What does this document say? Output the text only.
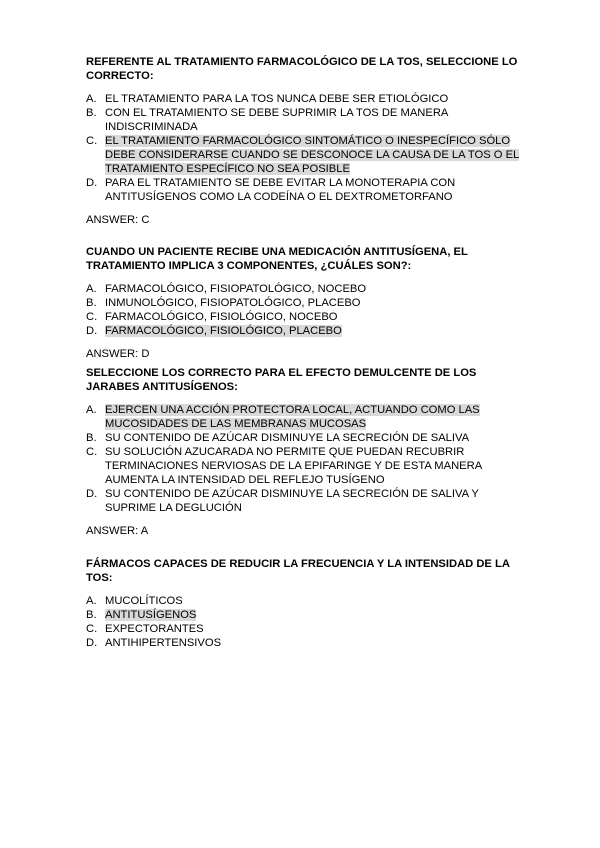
REFERENTE AL TRATAMIENTO FARMACOLÓGICO DE LA TOS, SELECCIONE LO CORRECTO:
A. EL TRATAMIENTO PARA LA TOS NUNCA DEBE SER ETIOLÓGICO
B. CON EL TRATAMIENTO SE DEBE SUPRIMIR LA TOS DE MANERA INDISCRIMINADA
C. EL TRATAMIENTO FARMACOLÓGICO SINTOMÁTICO O INESPECÍFICO SÓLO DEBE CONSIDERARSE CUANDO SE DESCONOCE LA CAUSA DE LA TOS O EL TRATAMIENTO ESPECÍFICO NO SEA POSIBLE
D. PARA EL TRATAMIENTO SE DEBE EVITAR LA MONOTERAPIA CON ANTITUSÍGENOS COMO LA CODEÍNA O EL DEXTROMETORFANO
ANSWER: C
CUANDO UN PACIENTE RECIBE UNA MEDICACIÓN ANTITUSÍGENA, EL TRATAMIENTO IMPLICA 3 COMPONENTES, ¿CUÁLES SON?:
A. FARMACOLÓGICO, FISIOPATOLÓGICO, NOCEBO
B. INMUNOLÓGICO, FISIOPATOLÓGICO, PLACEBO
C. FARMACOLÓGICO, FISIOLÓGICO, NOCEBO
D. FARMACOLÓGICO, FISIOLÓGICO, PLACEBO
ANSWER: D
SELECCIONE LOS CORRECTO PARA EL EFECTO DEMULCENTE DE LOS JARABES ANTITUSÍGENOS:
A. EJERCEN UNA ACCIÓN PROTECTORA LOCAL, ACTUANDO COMO LAS MUCOSIDADES DE LAS MEMBRANAS MUCOSAS
B. SU CONTENIDO DE AZÚCAR DISMINUYE LA SECRECIÓN DE SALIVA
C. SU SOLUCIÓN AZUCARADA NO PERMITE QUE PUEDAN RECUBRIR TERMINACIONES NERVIOSAS DE LA EPIFARINGE Y DE ESTA MANERA AUMENTA LA INTENSIDAD DEL REFLEJO TUSÍGENO
D. SU CONTENIDO DE AZÚCAR DISMINUYE LA SECRECIÓN DE SALIVA Y SUPRIME LA DEGLUCIÓN
ANSWER: A
FÁRMACOS CAPACES DE REDUCIR LA FRECUENCIA Y LA INTENSIDAD DE LA TOS:
A. MUCOLÍTICOS
B. ANTITUSÍGENOS
C. EXPECTORANTES
D. ANTIHIPERTENSIVOS
